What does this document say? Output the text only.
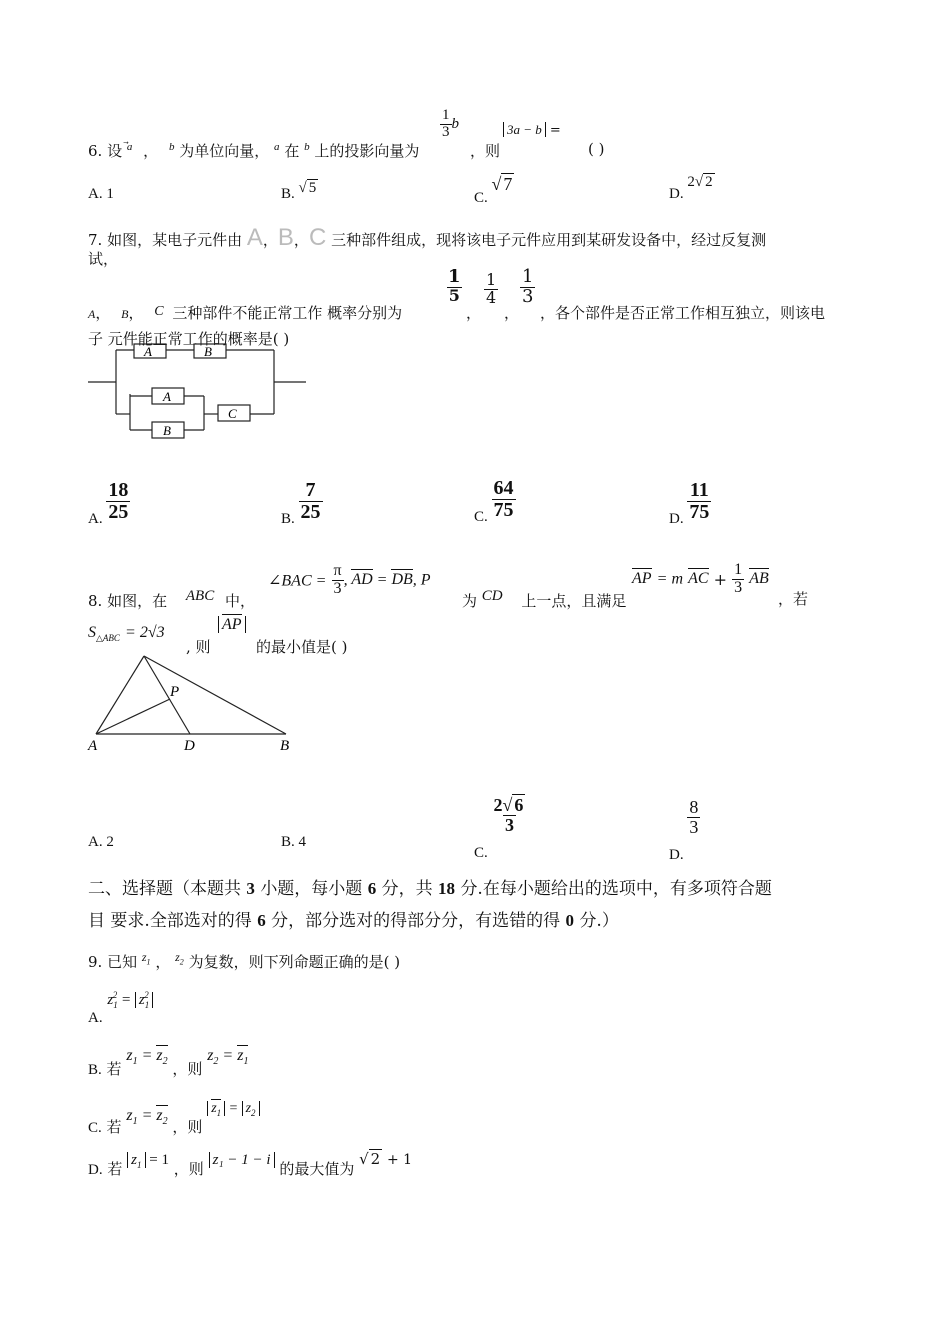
6. 设 $^a$ ， $^b$ 为单位向量， $^a$ 在 $^b$ 上的投影向量为
$\frac{1}{3}$ b
，则
3a − b =
( )
A. 1	B. √ 5
C. √ 7	D. 2√ 2
7. 如图，某电子元件由 A，B，C 三种部件组成，现将该电子元件应用到某研发设备中，经过反复测
试，
A， B， C 三种部件不能正常工作 概率分别为
$\frac{1}{5}$
，
$\frac{1}{4}$
，
$\frac{1}{3}$
，各个部件是否正常工作相互独立，则该电
子 元件能正常工作的概率是( )
A	B
A
B
C
A. $\frac{18}{25}$	B. $\frac{7}{25}$	C. $\frac{64}{75}$	D. $\frac{11}{75}$
8. 如图，在 ABC 中，
∠BAC = $\frac{\pi}{3}$ , AD = DB, P
为 CD 上一点，且满足
AP = m AC + $\frac{1}{3}$ AB
，若
$S_{\triangle ABC} = 2√3$
, 则
AP
的最小值是( )
A	D	B
P
A. 2	B. 4
C.
$\frac{2√ 6}{3}$
D.
$\frac{8}{3}$
二、选择题（本题共 3 小题，每小题 6 分，共 18 分.在每小题给出的选项中，有多项符合题
目 要求.全部选对的得 6 分，部分选对的得部分分，有选错的得 0 分.）
9. 已知 $^{z_1}$ ， $^{z_2}$ 为复数，则下列命题正确的是( )
A. $z_1^2 = z_1^2$
B. 若 $z_1 = z_2$ ，则 $z_2 = z_1$
C. 若 $z_1 = z_2$ ，则 $z_1 = z_2$
D. 若 $z_1 = 1$ ，则 z₁ − 1 − i 的最大值为 √ 2 + 1
